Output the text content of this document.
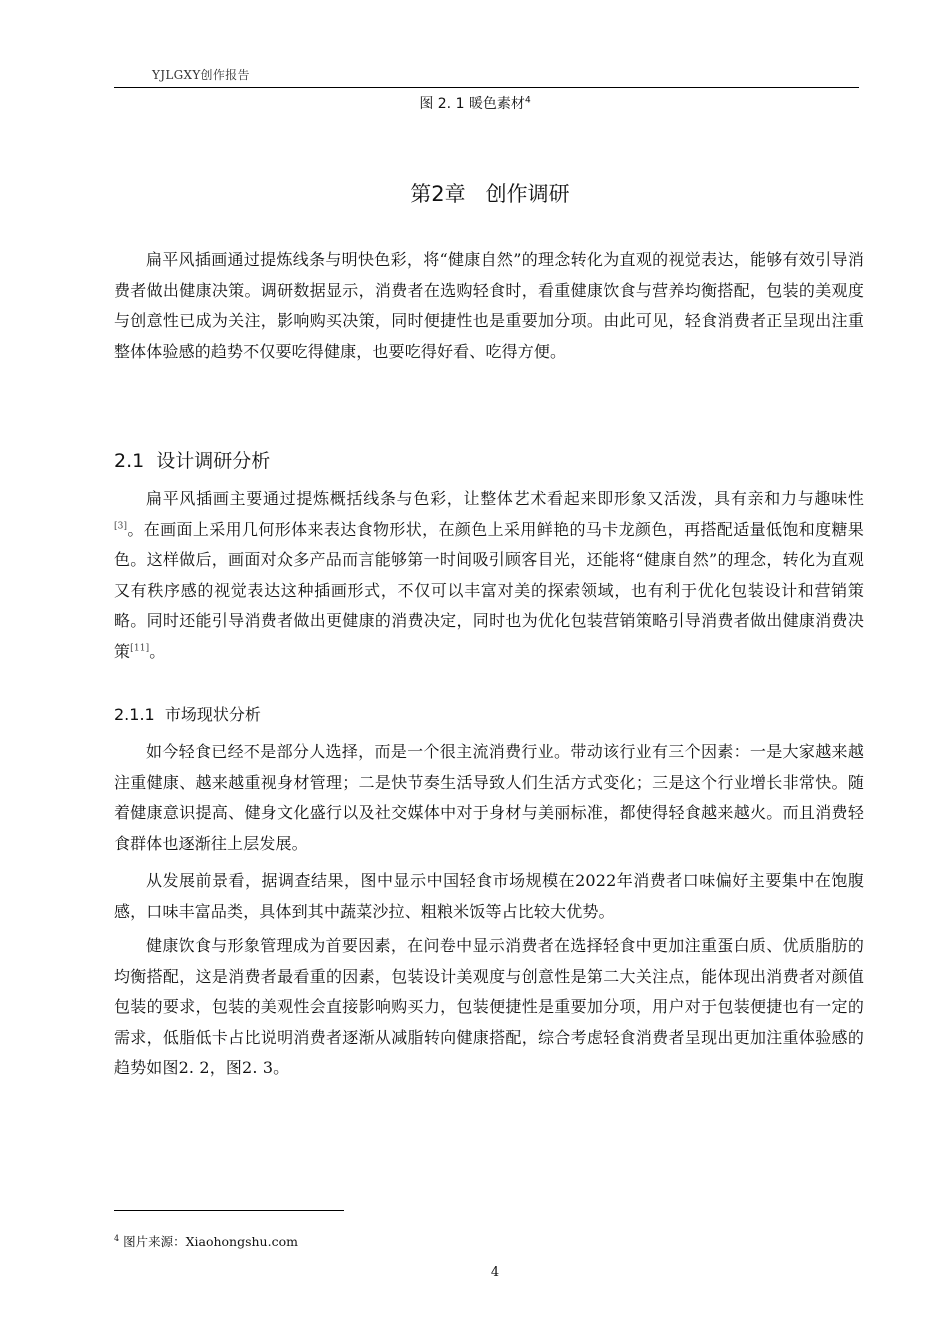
YJLGXY创作报告
图 2. 1 暖色素材$^4$
第2章   创作调研

扁平风插画通过提炼线条与明快色彩，将“健康自然”的理念转化为直观的视觉表达，能够有效引导消费者做出健康决策。调研数据显示，消费者在选购轻食时，看重健康饮食与营养均衡搭配，包装的美观度与创意性已成为关注，影响购买决策，同时便捷性也是重要加分项。由此可见，轻食消费者正呈现出注重整体体验感的趋势不仅要吃得健康，也要吃得好看、吃得方便。

2.1  设计调研分析

扁平风插画主要通过提炼概括线条与色彩，让整体艺术看起来即形象又活泼，具有亲和力与趣味性[3]。在画面上采用几何形体来表达食物形状，在颜色上采用鲜艳的马卡龙颜色，再搭配适量低饱和度糖果色。这样做后，画面对众多产品而言能够第一时间吸引顾客目光，还能将“健康自然”的理念，转化为直观又有秩序感的视觉表达这种插画形式，不仅可以丰富对美的探索领域，也有利于优化包装设计和营销策略。同时还能引导消费者做出更健康的消费决定，同时也为优化包装营销策略引导消费者做出健康消费决策[11]。

2.1.1  市场现状分析

如今轻食已经不是部分人选择，而是一个很主流消费行业。带动该行业有三个因素：一是大家越来越注重健康、越来越重视身材管理；二是快节奏生活导致人们生活方式变化；三是这个行业增长非常快。随着健康意识提高、健身文化盛行以及社交媒体中对于身材与美丽标准，都使得轻食越来越火。而且消费轻食群体也逐渐往上层发展。

从发展前景看，据调查结果，图中显示中国轻食市场规模在2022年消费者口味偏好主要集中在饱腹感，口味丰富品类，具体到其中蔬菜沙拉、粗粮米饭等占比较大优势。

健康饮食与形象管理成为首要因素，在问卷中显示消费者在选择轻食中更加注重蛋白质、优质脂肪的均衡搭配，这是消费者最看重的因素，包装设计美观度与创意性是第二大关注点，能体现出消费者对颜值包装的要求，包装的美观性会直接影响购买力，包装便捷性是重要加分项，用户对于包装便捷也有一定的需求，低脂低卡占比说明消费者逐渐从减脂转向健康搭配，综合考虑轻食消费者呈现出更加注重体验感的趋势如图2. 2，图2. 3。

$^4$ 图片来源：Xiaohongshu.com
4
